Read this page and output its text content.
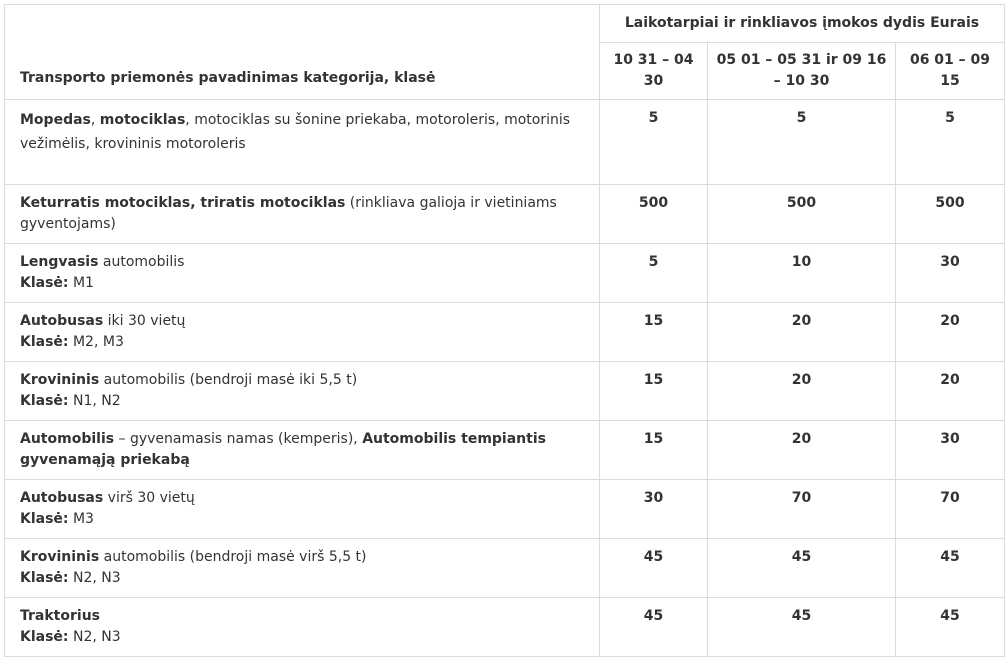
Transporto priemonės pavadinimas kategorija, klasė	Laikotarpiai ir rinkliavos įmokos dydis Eurais		
	10 31 – 04 30	05 01 – 05 31 ir 09 16 – 10 30	06 01 – 09 15
Mopedas, motociklas, motociklas su šonine priekaba, motoroleris, motorinis vežimėlis, krovininis motoroleris	5	5	5
Keturratis motociklas, triratis motociklas (rinkliava galioja ir vietiniams gyventojams)	500	500	500
Lengvasis automobilis
Klasė: M1	5	10	30
Autobusas iki 30 vietų
Klasė: M2, M3	15	20	20
Krovininis automobilis (bendroji masė iki 5,5 t)
Klasė: N1, N2	15	20	20
Automobilis – gyvenamasis namas (kemperis), Automobilis tempiantis gyvenamąją priekabą	15	20	30
Autobusas virš 30 vietų
Klasė: M3	30	70	70
Krovininis automobilis (bendroji masė virš 5,5 t)
Klasė: N2, N3	45	45	45
Traktorius
Klasė: N2, N3	45	45	45
